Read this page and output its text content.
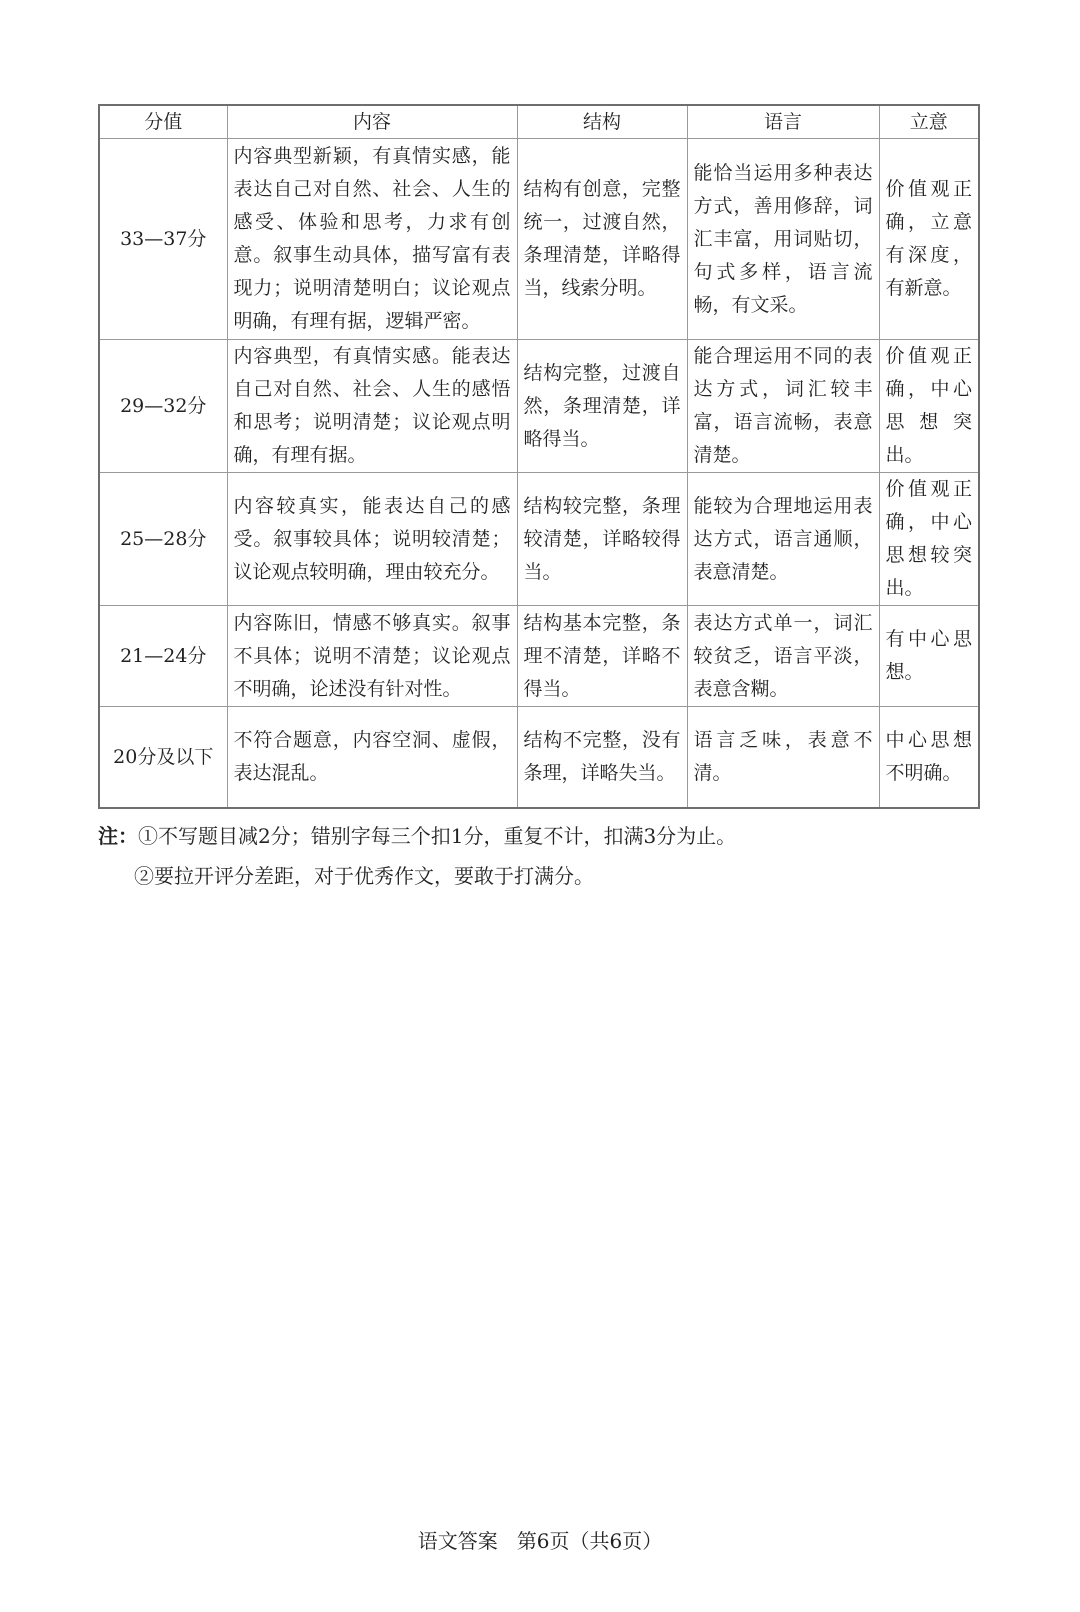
分值	内容	结构	语言	立意
33—37分	内容典型新颖，有真情实感，能表达自己对自然、社会、人生的感受、体验和思考，力求有创意。叙事生动具体，描写富有表现力；说明清楚明白；议论观点明确，有理有据，逻辑严密。	结构有创意，完整统一，过渡自然，条理清楚，详略得当，线索分明。	能恰当运用多种表达方式，善用修辞，词汇丰富，用词贴切，句式多样，语言流畅，有文采。	价值观正确，立意有深度，有新意。
29—32分	内容典型，有真情实感。能表达自己对自然、社会、人生的感悟和思考；说明清楚；议论观点明确，有理有据。	结构完整，过渡自然，条理清楚，详略得当。	能合理运用不同的表达方式，词汇较丰富，语言流畅，表意清楚。	价值观正确，中心思想突出。
25—28分	内容较真实，能表达自己的感受。叙事较具体；说明较清楚；议论观点较明确，理由较充分。	结构较完整，条理较清楚，详略较得当。	能较为合理地运用表达方式，语言通顺，表意清楚。	价值观正确，中心思想较突出。
21—24分	内容陈旧，情感不够真实。叙事不具体；说明不清楚；议论观点不明确，论述没有针对性。	结构基本完整，条理不清楚，详略不得当。	表达方式单一，词汇较贫乏，语言平淡，表意含糊。	有中心思想。
20分及以下	不符合题意，内容空洞、虚假，表达混乱。	结构不完整，没有条理，详略失当。	语言乏味，表意不清。	中心思想不明确。
注：①不写题目减2分；错别字每三个扣1分，重复不计，扣满3分为止。
②要拉开评分差距，对于优秀作文，要敢于打满分。
语文答案 第6页（共6页）
